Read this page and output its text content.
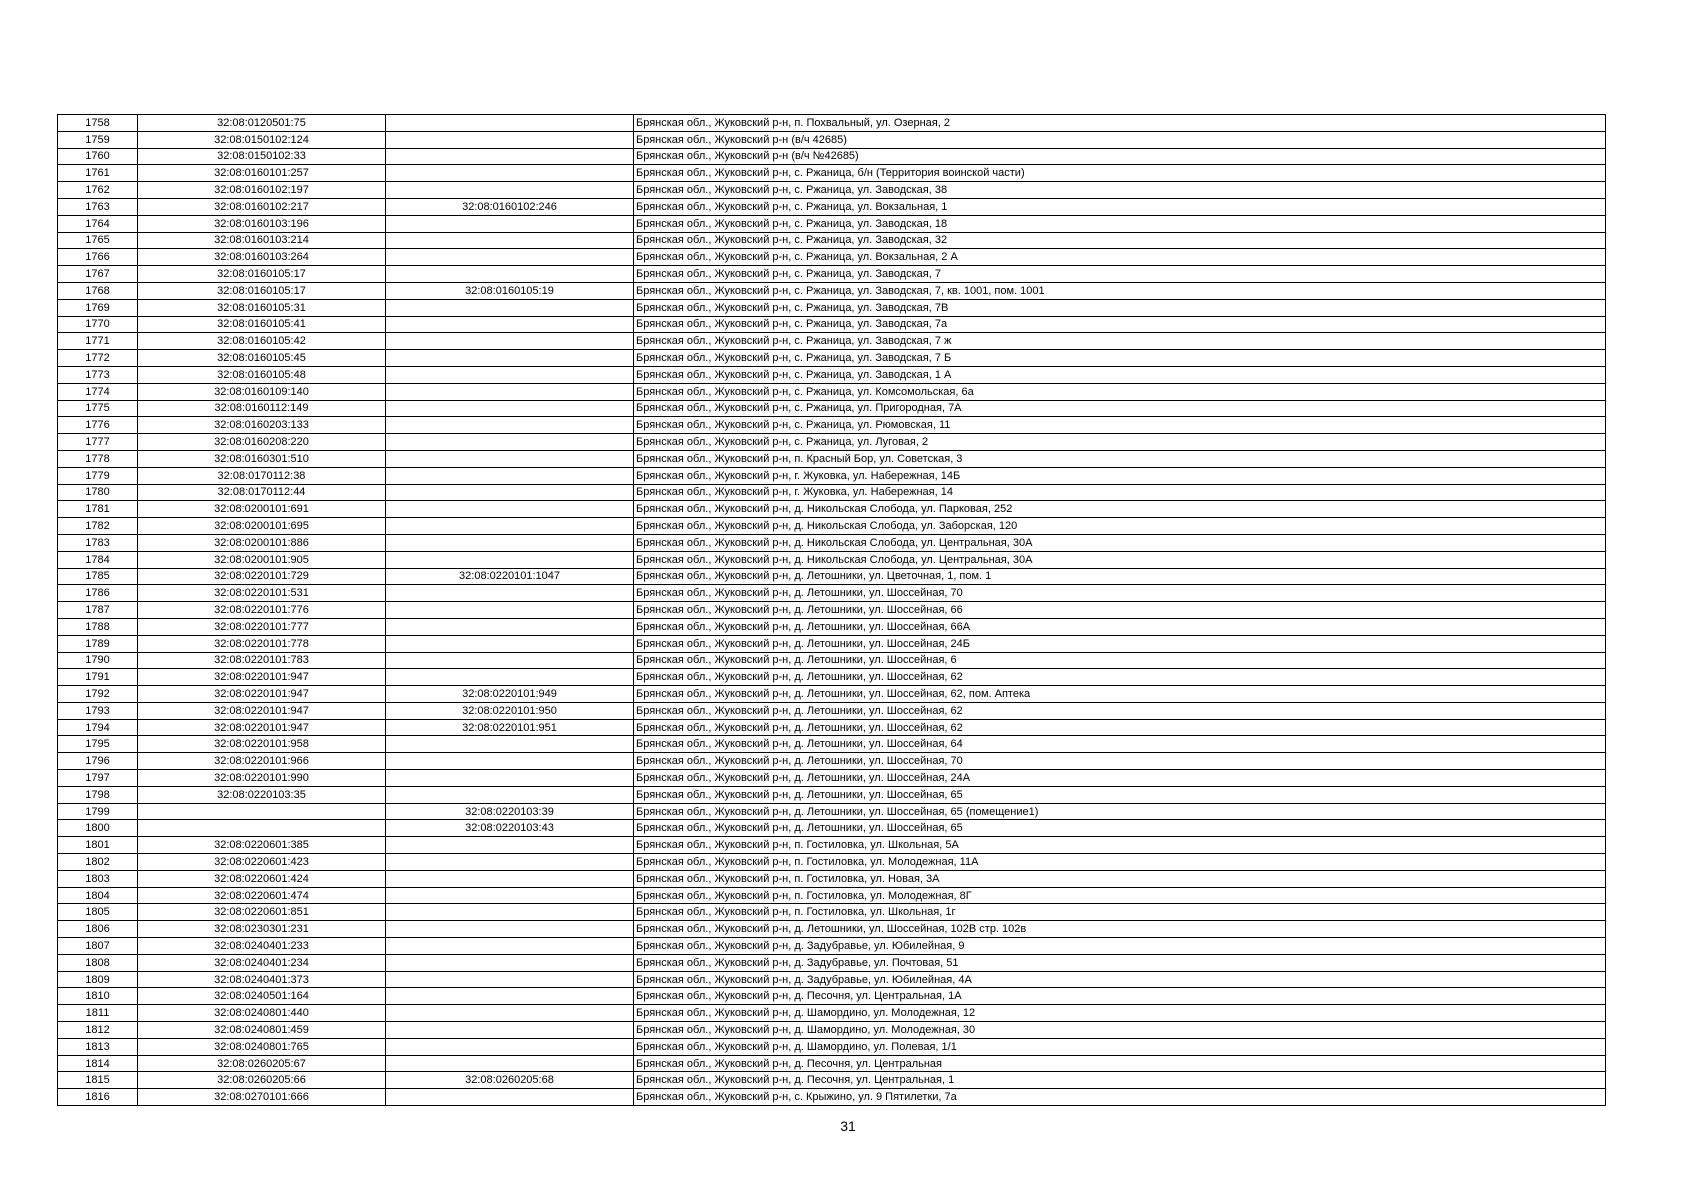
1758	32:08:0120501:75		Брянская обл., Жуковский р-н, п. Похвальный, ул. Озерная, 2
1759	32:08:0150102:124		Брянская обл., Жуковский р-н (в/ч 42685)
1760	32:08:0150102:33		Брянская обл., Жуковский р-н (в/ч №42685)
1761	32:08:0160101:257		Брянская обл., Жуковский р-н, с. Ржаница, б/н (Территория воинской части)
1762	32:08:0160102:197		Брянская обл., Жуковский р-н, с. Ржаница, ул. Заводская, 38
1763	32:08:0160102:217	32:08:0160102:246	Брянская обл., Жуковский р-н, с. Ржаница, ул. Вокзальная, 1
1764	32:08:0160103:196		Брянская обл., Жуковский р-н, с. Ржаница, ул. Заводская, 18
1765	32:08:0160103:214		Брянская обл., Жуковский р-н, с. Ржаница, ул. Заводская, 32
1766	32:08:0160103:264		Брянская обл., Жуковский р-н, с. Ржаница, ул. Вокзальная, 2 А
1767	32:08:0160105:17		Брянская обл., Жуковский р-н, с. Ржаница, ул. Заводская, 7
1768	32:08:0160105:17	32:08:0160105:19	Брянская обл., Жуковский р-н, с. Ржаница, ул. Заводская, 7, кв. 1001, пом. 1001
1769	32:08:0160105:31		Брянская обл., Жуковский р-н, с. Ржаница, ул. Заводская, 7В
1770	32:08:0160105:41		Брянская обл., Жуковский р-н, с. Ржаница, ул. Заводская, 7а
1771	32:08:0160105:42		Брянская обл., Жуковский р-н, с. Ржаница, ул. Заводская, 7 ж
1772	32:08:0160105:45		Брянская обл., Жуковский р-н, с. Ржаница, ул. Заводская, 7 Б
1773	32:08:0160105:48		Брянская обл., Жуковский р-н, с. Ржаница, ул. Заводская, 1 А
1774	32:08:0160109:140		Брянская обл., Жуковский р-н, с. Ржаница, ул. Комсомольская, 6а
1775	32:08:0160112:149		Брянская обл., Жуковский р-н, с. Ржаница, ул. Пригородная, 7А
1776	32:08:0160203:133		Брянская обл., Жуковский р-н, с. Ржаница, ул. Рюмовская, 11
1777	32:08:0160208:220		Брянская обл., Жуковский р-н, с. Ржаница, ул. Луговая, 2
1778	32:08:0160301:510		Брянская обл., Жуковский р-н, п. Красный Бор, ул. Советская, 3
1779	32:08:0170112:38		Брянская обл., Жуковский р-н, г. Жуковка, ул. Набережная, 14Б
1780	32:08:0170112:44		Брянская обл., Жуковский р-н, г. Жуковка, ул. Набережная, 14
1781	32:08:0200101:691		Брянская обл., Жуковский р-н, д. Никольская Слобода, ул. Парковая, 252
1782	32:08:0200101:695		Брянская обл., Жуковский р-н, д. Никольская Слобода, ул. Заборская, 120
1783	32:08:0200101:886		Брянская обл., Жуковский р-н, д. Никольская Слобода, ул. Центральная, 30А
1784	32:08:0200101:905		Брянская обл., Жуковский р-н, д. Никольская Слобода, ул. Центральная, 30А
1785	32:08:0220101:729	32:08:0220101:1047	Брянская обл., Жуковский р-н, д. Летошники, ул. Цветочная, 1, пом. 1
1786	32:08:0220101:531		Брянская обл., Жуковский р-н, д. Летошники, ул. Шоссейная, 70
1787	32:08:0220101:776		Брянская обл., Жуковский р-н, д. Летошники, ул. Шоссейная, 66
1788	32:08:0220101:777		Брянская обл., Жуковский р-н, д. Летошники, ул. Шоссейная, 66А
1789	32:08:0220101:778		Брянская обл., Жуковский р-н, д. Летошники, ул. Шоссейная, 24Б
1790	32:08:0220101:783		Брянская обл., Жуковский р-н, д. Летошники, ул. Шоссейная, 6
1791	32:08:0220101:947		Брянская обл., Жуковский р-н, д. Летошники, ул. Шоссейная, 62
1792	32:08:0220101:947	32:08:0220101:949	Брянская обл., Жуковский р-н, д. Летошники, ул. Шоссейная, 62, пом. Аптека
1793	32:08:0220101:947	32:08:0220101:950	Брянская обл., Жуковский р-н, д. Летошники, ул. Шоссейная, 62
1794	32:08:0220101:947	32:08:0220101:951	Брянская обл., Жуковский р-н, д. Летошники, ул. Шоссейная, 62
1795	32:08:0220101:958		Брянская обл., Жуковский р-н, д. Летошники, ул. Шоссейная, 64
1796	32:08:0220101:966		Брянская обл., Жуковский р-н, д. Летошники, ул. Шоссейная, 70
1797	32:08:0220101:990		Брянская обл., Жуковский р-н, д. Летошники, ул. Шоссейная, 24А
1798	32:08:0220103:35		Брянская обл., Жуковский р-н, д. Летошники, ул. Шоссейная, 65
1799		32:08:0220103:39	Брянская обл., Жуковский р-н, д. Летошники, ул. Шоссейная, 65 (помещение1)
1800		32:08:0220103:43	Брянская обл., Жуковский р-н, д. Летошники, ул. Шоссейная, 65
1801	32:08:0220601:385		Брянская обл., Жуковский р-н, п. Гостиловка, ул. Школьная, 5А
1802	32:08:0220601:423		Брянская обл., Жуковский р-н, п. Гостиловка, ул. Молодежная, 11А
1803	32:08:0220601:424		Брянская обл., Жуковский р-н, п. Гостиловка, ул. Новая, 3А
1804	32:08:0220601:474		Брянская обл., Жуковский р-н, п. Гостиловка, ул. Молодежная, 8Г
1805	32:08:0220601:851		Брянская обл., Жуковский р-н, п. Гостиловка, ул. Школьная, 1г
1806	32:08:0230301:231		Брянская обл., Жуковский р-н, д. Летошники, ул. Шоссейная, 102В стр. 102в
1807	32:08:0240401:233		Брянская обл., Жуковский р-н, д. Задубравье, ул. Юбилейная, 9
1808	32:08:0240401:234		Брянская обл., Жуковский р-н, д. Задубравье, ул. Почтовая, 51
1809	32:08:0240401:373		Брянская обл., Жуковский р-н, д. Задубравье, ул. Юбилейная, 4А
1810	32:08:0240501:164		Брянская обл., Жуковский р-н, д. Песочня, ул. Центральная, 1А
1811	32:08:0240801:440		Брянская обл., Жуковский р-н, д. Шамордино, ул. Молодежная, 12
1812	32:08:0240801:459		Брянская обл., Жуковский р-н, д. Шамордино, ул. Молодежная, 30
1813	32:08:0240801:765		Брянская обл., Жуковский р-н, д. Шамордино, ул. Полевая, 1/1
1814	32:08:0260205:67		Брянская обл., Жуковский р-н, д. Песочня, ул. Центральная
1815	32:08:0260205:66	32:08:0260205:68	Брянская обл., Жуковский р-н, д. Песочня, ул. Центральная, 1
1816	32:08:0270101:666		Брянская обл., Жуковский р-н, с. Крыжино, ул. 9 Пятилетки, 7а
31
